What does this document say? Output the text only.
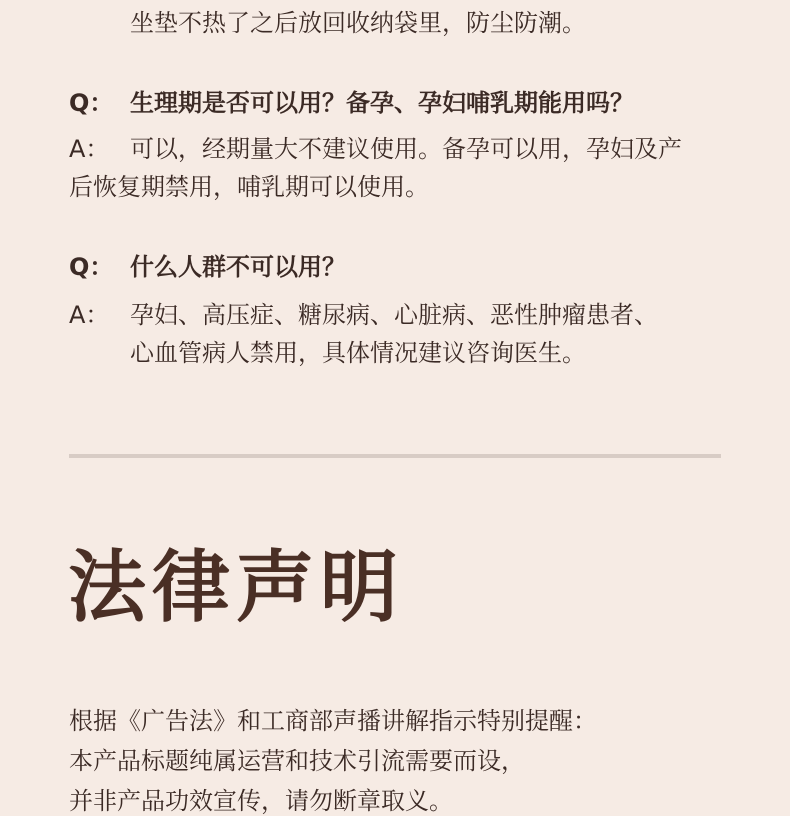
坐垫不热了之后放回收纳袋里，防尘防潮。
Q： 生理期是否可以用？备孕、孕妇哺乳期能用吗？
A： 可以，经期量大不建议使用。备孕可以用，孕妇及产
后恢复期禁用，哺乳期可以使用。
Q： 什么人群不可以用？
A： 孕妇、高压症、糖尿病、心脏病、恶性肿瘤患者、
心血管病人禁用，具体情况建议咨询医生。
法律声明
根据《广告法》和工商部声播讲解指示特别提醒：
本产品标题纯属运营和技术引流需要而设，
并非产品功效宣传，请勿断章取义。
